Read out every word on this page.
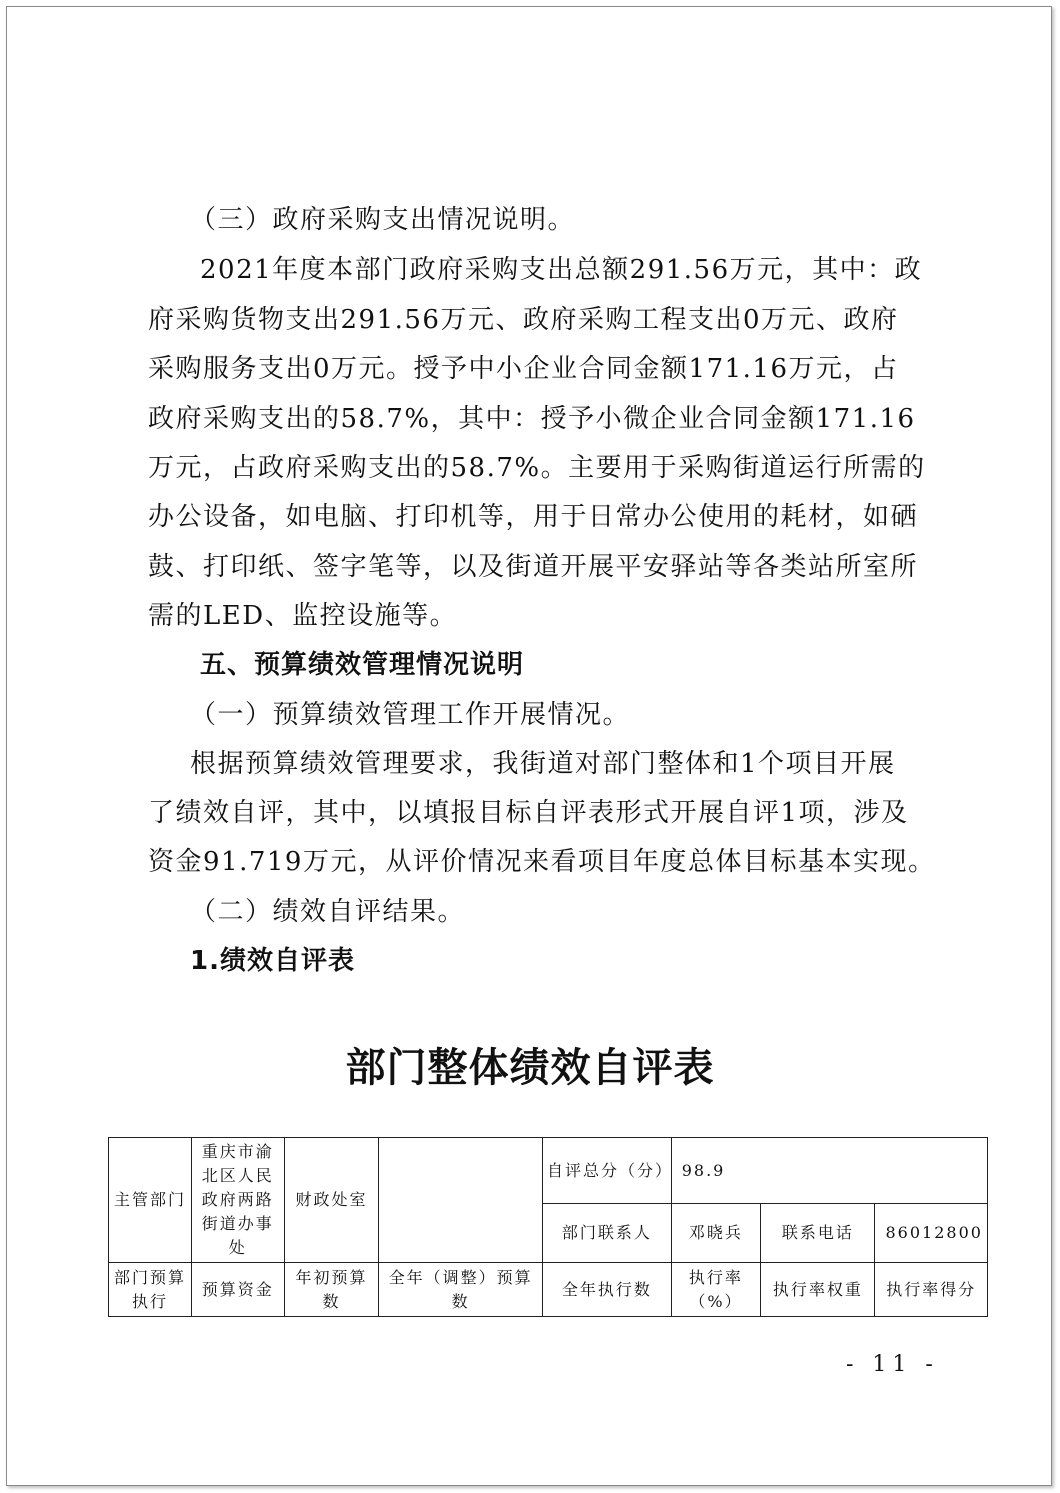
（三）政府采购支出情况说明。
2021年度本部门政府采购支出总额291.56万元，其中：政
府采购货物支出291.56万元、政府采购工程支出0万元、政府
采购服务支出0万元。授予中小企业合同金额171.16万元，占
政府采购支出的58.7%，其中：授予小微企业合同金额171.16
万元，占政府采购支出的58.7%。主要用于采购街道运行所需的
办公设备，如电脑、打印机等，用于日常办公使用的耗材，如硒
鼓、打印纸、签字笔等，以及街道开展平安驿站等各类站所室所
需的LED、监控设施等。
五、预算绩效管理情况说明
（一）预算绩效管理工作开展情况。
根据预算绩效管理要求，我街道对部门整体和1个项目开展
了绩效自评，其中，以填报目标自评表形式开展自评1项，涉及
资金91.719万元，从评价情况来看项目年度总体目标基本实现。
（二）绩效自评结果。
1.绩效自评表
部门整体绩效自评表
主管部门	重庆市渝北区人民政府两路街道办事处	财政处室		自评总分（分）	98.9		
				部门联系人	邓晓兵	联系电话	86012800
部门预算执行	预算资金	年初预算数	全年（调整）预算数	全年执行数	执行率（%）	执行率权重	执行率得分
- 11 -
